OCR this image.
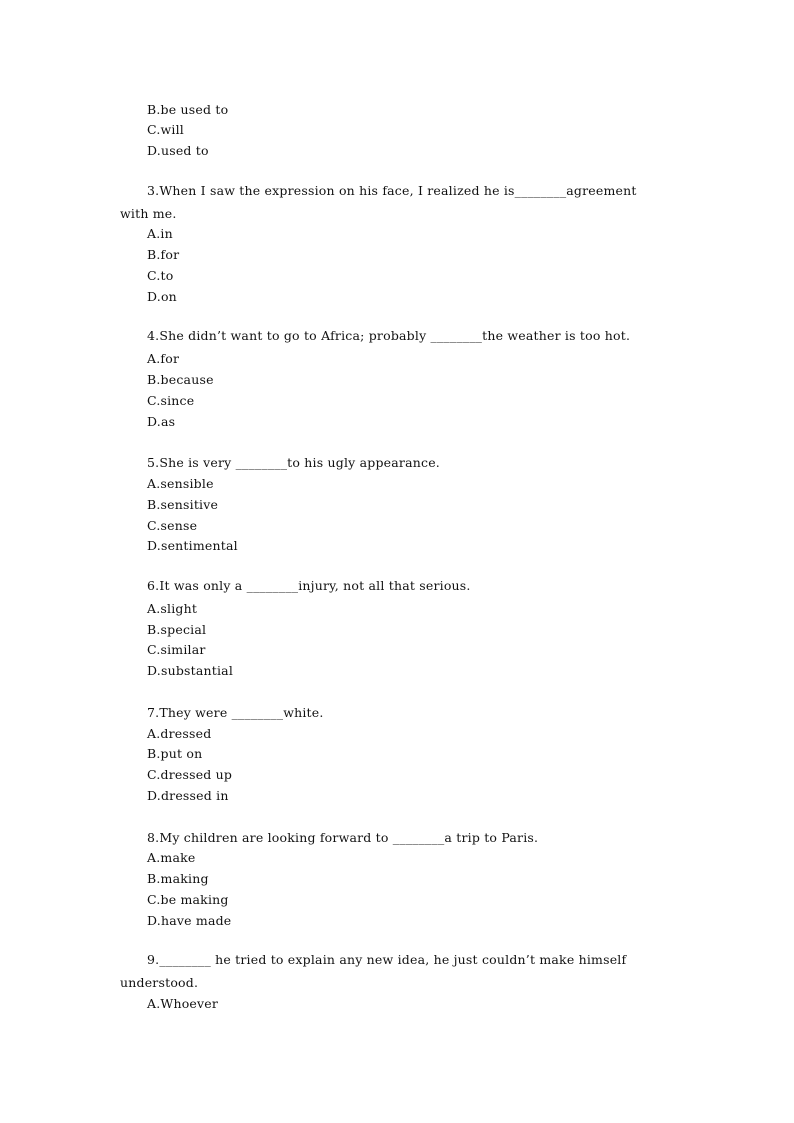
B.be used to
C.will
D.used to
3.When I saw the expression on his face, I realized he is________agreement
with me.
A.in
B.for
C.to
D.on
4.She didn’t want to go to Africa; probably ________the weather is too hot.
A.for
B.because
C.since
D.as
5.She is very ________to his ugly appearance.
A.sensible
B.sensitive
C.sense
D.sentimental
6.It was only a ________injury, not all that serious.
A.slight
B.special
C.similar
D.substantial
7.They were ________white.
A.dressed
B.put on
C.dressed up
D.dressed in
8.My children are looking forward to ________a trip to Paris.
A.make
B.making
C.be making
D.have made
9.________ he tried to explain any new idea, he just couldn’t make himself
understood.
A.Whoever
